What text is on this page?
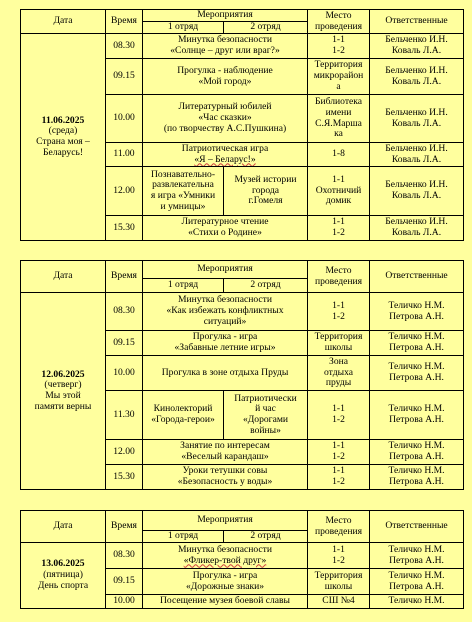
Дата	Время	Мероприятия		Место
проведения	Ответственные
		1 отряд	2 отряд		

11.06.2025
(среда)
Страна моя –
Беларусь!	08.30	Минутка безопасности
«Солнце – друг или враг?»		1-1
1-2	Бельченко И.Н.
Коваль Л.А.

	09.15	Прогулка - наблюдение
«Мой город»		Территория
микрорайон
а	Бельченко И.Н.
Коваль Л.А.

	10.00	Литературный юбилей
«Час сказки»
(по творчеству А.С.Пушкина)		Библиотека
имени
С.Я.Марша
ка	Бельченко И.Н.
Коваль Л.А.

	11.00	Патриотическая игра
«Я – Беларус!»		1-8	Бельченко И.Н.
Коваль Л.А.

	12.00	Познавательно-
развлекательна
я игра «Умники
и умницы»	Музей истории
города
г.Гомеля	1-1
Охотничий
домик	Бельченко И.Н.
Коваль Л.А.

	15.30	Литературное чтение
«Стихи о Родине»		1-1
1-2	Бельченко И.Н.
Коваль Л.А.
Дата	Время	Мероприятия		Место
проведения	Ответственные
		1 отряд	2 отряд		

12.06.2025
(четверг)
Мы этой
памяти верны	08.30	Минутка безопасности
«Как избежать конфликтных
ситуаций»		1-1
1-2	Теличко Н.М.
Петрова А.Н.

	09.15	Прогулка - игра
«Забавные летние игры»		Территория
школы	Теличко Н.М.
Петрова А.Н.

	10.00	Прогулка в зоне отдыха Пруды		Зона
отдыха
пруды	Теличко Н.М.
Петрова А.Н.

	11.30	Кинолекторий
«Города-герои»	Патриотически
й час
«Дорогами
войны»	1-1
1-2	Теличко Н.М.
Петрова А.Н.

	12.00	Занятие по интересам
«Веселый карандаш»		1-1
1-2	Теличко Н.М.
Петрова А.Н.

	15.30	Уроки тетушки совы
«Безопасность у воды»		1-1
1-2	Теличко Н.М.
Петрова А.Н.
Дата	Время	Мероприятия		Место
проведения	Ответственные
		1 отряд	2 отряд		

13.06.2025
(пятница)
День спорта	08.30	Минутка безопасности
«Фликер-твой друг»		1-1
1-2	Теличко Н.М.
Петрова А.Н.

	09.15	Прогулка - игра
«Дорожные знаки»		Территория
школы	Теличко Н.М.
Петрова А.Н.

	10.00	Посещение музея боевой славы		СШ №4	Теличко Н.М.
